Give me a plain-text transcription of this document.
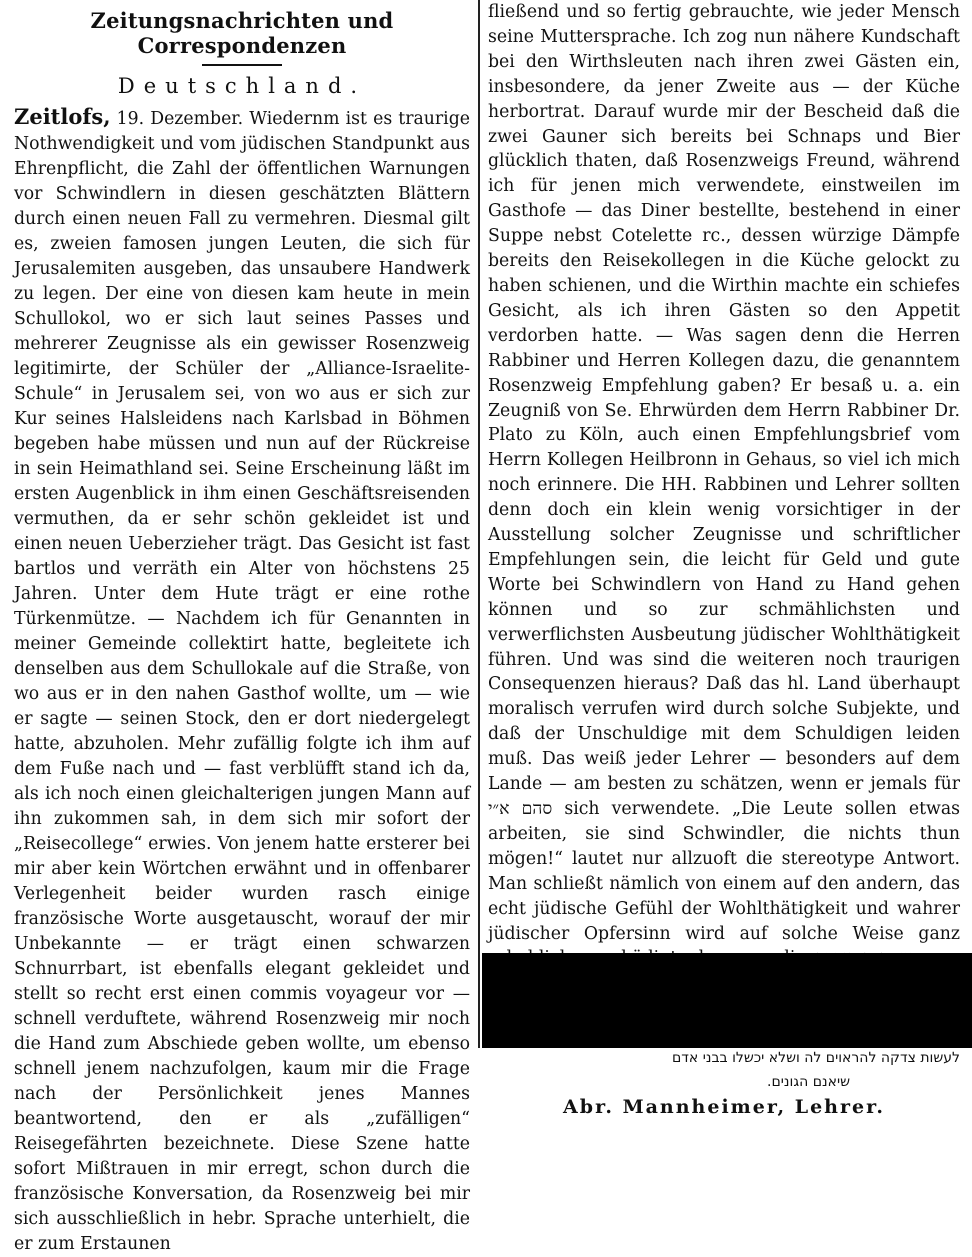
Zeitungsnachrichten und Correspondenzen
Deutschland.

Zeitlofs, 19. Dezember. Wiedernm ist es traurige Nothwendigkeit und vom jüdischen Standpunkt aus Ehrenpflicht, die Zahl der öffentlichen Warnungen vor Schwindlern in diesen geschätzten Blättern durch einen neuen Fall zu vermehren. Diesmal gilt es, zweien famosen jungen Leuten, die sich für Jerusalemiten ausgeben, das unsaubere Handwerk zu legen. Der eine von diesen kam heute in mein Schullokol, wo er sich laut seines Passes und mehrerer Zeugnisse als ein gewisser Rosenzweig legitimirte, der Schüler der „Alliance-Israelite-Schule“ in Jerusalem sei, von wo aus er sich zur Kur seines Halsleidens nach Karlsbad in Böhmen begeben habe müssen und nun auf der Rückreise in sein Heimathland sei. Seine Erscheinung läßt im ersten Augenblick in ihm einen Geschäftsreisenden vermuthen, da er sehr schön gekleidet ist und einen neuen Ueberzieher trägt. Das Gesicht ist fast bartlos und verräth ein Alter von höchstens 25 Jahren. Unter dem Hute trägt er eine rothe Türkenmütze. — Nachdem ich für Genannten in meiner Gemeinde collektirt hatte, begleitete ich denselben aus dem Schullokale auf die Straße, von wo aus er in den nahen Gasthof wollte, um — wie er sagte — seinen Stock, den er dort niedergelegt hatte, abzuholen. Mehr zufällig folgte ich ihm auf dem Fuße nach und — fast verblüfft stand ich da, als ich noch einen gleichalterigen jungen Mann auf ihn zukommen sah, in dem sich mir sofort der „Reisecollege“ erwies. Von jenem hatte ersterer bei mir aber kein Wörtchen erwähnt und in offenbarer Verlegenheit beider wurden rasch einige französische Worte ausgetauscht, worauf der mir Unbekannte — er trägt einen schwarzen Schnurrbart, ist ebenfalls elegant gekleidet und stellt so recht erst einen commis voyageur vor — schnell verduftete, während Rosenzweig mir noch die Hand zum Abschiede geben wollte, um ebenso schnell jenem nachzufolgen, kaum mir die Frage nach der Persönlichkeit jenes Mannes beantwortend, den er als „zufälligen“ Reisegefährten bezeichnete. Diese Szene hatte sofort Mißtrauen in mir erregt, schon durch die französische Konversation, da Rosenzweig bei mir sich ausschließlich in hebr. Sprache unterhielt, die er zum Erstaunen

fließend und so fertig gebrauchte, wie jeder Mensch seine Muttersprache. Ich zog nun nähere Kundschaft bei den Wirthsleuten nach ihren zwei Gästen ein, insbesondere, da jener Zweite aus — der Küche herbortrat. Darauf wurde mir der Bescheid daß die zwei Gauner sich bereits bei Schnaps und Bier glücklich thaten, daß Rosenzweigs Freund, während ich für jenen mich verwendete, einstweilen im Gasthofe — das Diner bestellte, bestehend in einer Suppe nebst Cotelette rc., dessen würzige Dämpfe bereits den Reisekollegen in die Küche gelockt zu haben schienen, und die Wirthin machte ein schiefes Gesicht, als ich ihren Gästen so den Appetit verdorben hatte. — Was sagen denn die Herren Rabbiner und Herren Kollegen dazu, die genanntem Rosenzweig Empfehlung gaben? Er besaß u. a. ein Zeugniß von Se. Ehrwürden dem Herrn Rabbiner Dr. Plato zu Köln, auch einen Empfehlungsbrief vom Herrn Kollegen Heilbronn in Gehaus, so viel ich mich noch erinnere. Die HH. Rabbinen und Lehrer sollten denn doch ein klein wenig vorsichtiger in der Ausstellung solcher Zeugnisse und schriftlicher Empfehlungen sein, die leicht für Geld und gute Worte bei Schwindlern von Hand zu Hand gehen können und so zur schmählichsten und verwerflichsten Ausbeutung jüdischer Wohlthätigkeit führen. Und was sind die weiteren noch traurigen Consequenzen hieraus? Daß das hl. Land überhaupt moralisch verrufen wird durch solche Subjekte, und daß der Unschuldige mit dem Schuldigen leiden muß. Das weiß jeder Lehrer — besonders auf dem Lande — am besten zu schätzen, wenn er jemals für סהם א״י sich verwendete. „Die Leute sollen etwas arbeiten, sie sind Schwindler, die nichts thun mögen!“ lautet nur allzuoft die stereotype Antwort. Man schließt nämlich von einem auf den andern, das echt jüdische Gefühl der Wohlthätigkeit und wahrer jüdischer Opfersinn wird auf solche Weise ganz

לעשות צדקה להראוים לה ושלא יכשלו בבני אדם

שיאנם הגונים.

Abr. Mannheimer, Lehrer.
